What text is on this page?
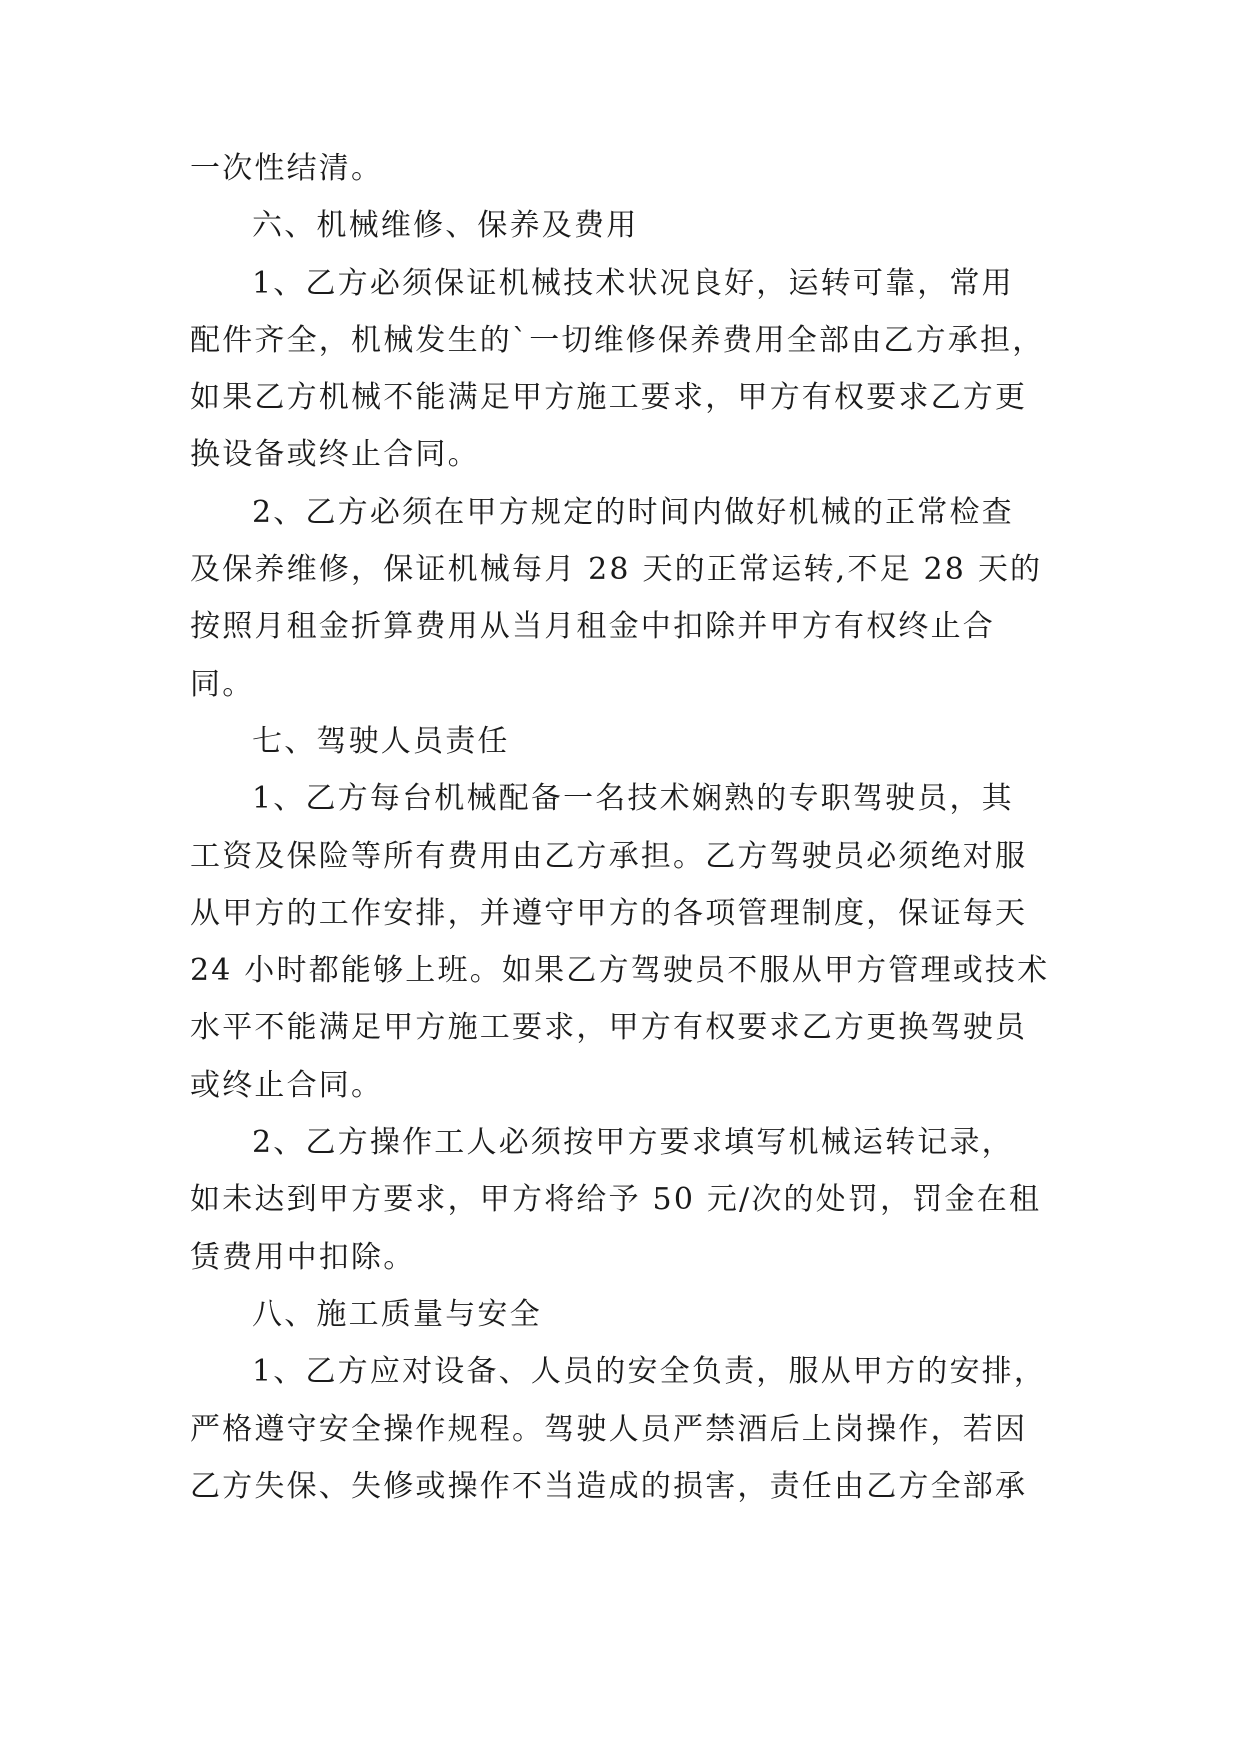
一次性结清。
六、机械维修、保养及费用
1、乙方必须保证机械技术状况良好，运转可靠，常用
配件齐全，机械发生的`一切维修保养费用全部由乙方承担，
如果乙方机械不能满足甲方施工要求，甲方有权要求乙方更
换设备或终止合同。
2、乙方必须在甲方规定的时间内做好机械的正常检查
及保养维修，保证机械每月 28 天的正常运转,不足 28 天的
按照月租金折算费用从当月租金中扣除并甲方有权终止合
同。
七、驾驶人员责任
1、乙方每台机械配备一名技术娴熟的专职驾驶员，其
工资及保险等所有费用由乙方承担。乙方驾驶员必须绝对服
从甲方的工作安排，并遵守甲方的各项管理制度，保证每天
24 小时都能够上班。如果乙方驾驶员不服从甲方管理或技术
水平不能满足甲方施工要求，甲方有权要求乙方更换驾驶员
或终止合同。
2、乙方操作工人必须按甲方要求填写机械运转记录，
如未达到甲方要求，甲方将给予 50 元/次的处罚，罚金在租
赁费用中扣除。
八、施工质量与安全
1、乙方应对设备、人员的安全负责，服从甲方的安排，
严格遵守安全操作规程。驾驶人员严禁酒后上岗操作，若因
乙方失保、失修或操作不当造成的损害，责任由乙方全部承
